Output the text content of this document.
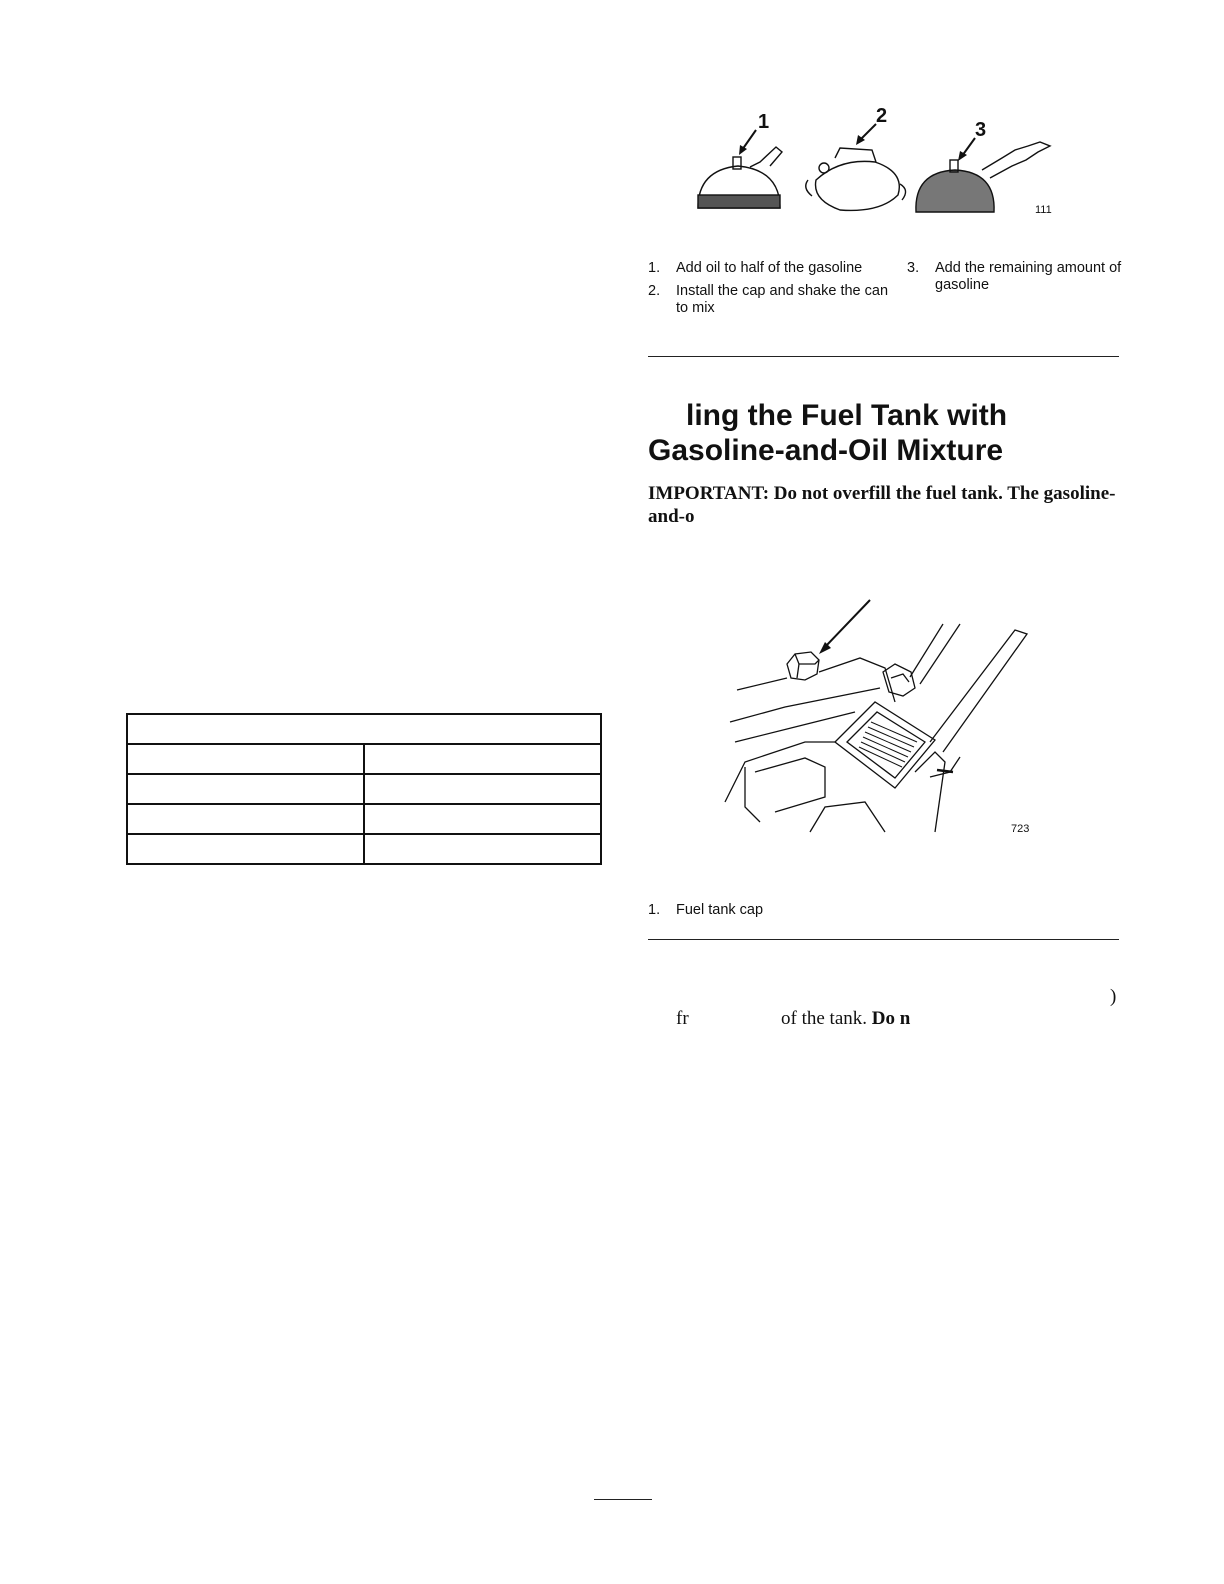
1	2
3
111
1.	Add oil to half of the gasoline
2.	Install the cap and shake the can to mix
3.	Add the remaining amount of gasoline
ling the Fuel Tank with
Gasoline-and-Oil Mixture

IMPORTANT: Do not overfill the fuel tank. The gasoline-and-o

723
1.	Fuel tank cap
)
fr	of the tank. Do n
